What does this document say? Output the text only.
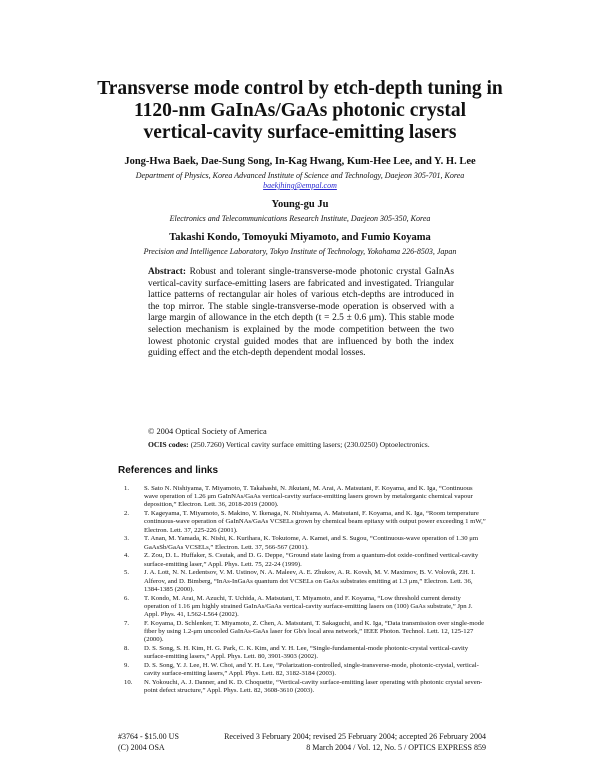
Transverse mode control by etch-depth tuning in
1120-nm GaInAs/GaAs photonic crystal
vertical-cavity surface-emitting lasers
Jong-Hwa Baek, Dae-Sung Song, In-Kag Hwang, Kum-Hee Lee, and Y. H. Lee
Department of Physics, Korea Advanced Institute of Science and Technology, Daejeon 305-701, Korea
baekjhing@empal.com
Young-gu Ju
Electronics and Telecommunications Research Institute, Daejeon 305-350, Korea
Takashi Kondo, Tomoyuki Miyamoto, and Fumio Koyama
Precision and Intelligence Laboratory, Tokyo Institute of Technology, Yokohama 226-8503, Japan
Abstract: Robust and tolerant single-transverse-mode photonic crystal GaInAs vertical-cavity surface-emitting lasers are fabricated and investigated. Triangular lattice patterns of rectangular air holes of various etch-depths are introduced in the top mirror. The stable single-transverse-mode operation is observed with a large margin of allowance in the etch depth (t = 2.5 ± 0.6 μm). This stable mode selection mechanism is explained by the mode competition between the two lowest photonic crystal guided modes that are influenced by both the index guiding effect and the etch-depth dependent modal losses.
© 2004 Optical Society of America
OCIS codes: (250.7260) Vertical cavity surface emitting lasers; (230.0250) Optoelectronics.
References and links
1.	S. Sato N. Nishiyama, T. Miyamoto, T. Takahashi, N. Jikutani, M. Arai, A. Matsutani, F. Koyama, and K. Iga, “Continuous wave operation of 1.26 μm GaInNAs/GaAs vertical-cavity surface-emitting lasers grown by metalorganic chemical vapour deposition,” Electron. Lett. 36, 2018-2019 (2000).
2.	T. Kageyama, T. Miyamoto, S. Makino, Y. Ikenaga, N. Nishiyama, A. Matsutani, F. Koyama, and K. Iga, “Room temperature continuous-wave operation of GaInNAs/GaAs VCSELs grown by chemical beam epitaxy with output power exceeding 1 mW,” Electron. Lett. 37, 225-226 (2001).
3.	T. Anan, M. Yamada, K. Nishi, K. Kurihara, K. Tokutome, A. Kamei, and S. Sugou, “Continuous-wave operation of 1.30 μm GaAsSb/GaAs VCSELs,” Electron. Lett. 37, 566-567 (2001).
4.	Z. Zou, D. L. Huffaker, S. Csutak, and D. G. Deppe, “Ground state lasing from a quantum-dot oxide-confined vertical-cavity surface-emitting laser,” Appl. Phys. Lett. 75, 22-24 (1999).
5.	J. A. Lott, N. N. Ledentsov, V. M. Ustinov, N. A. Maleev, A. E. Zhukov, A. R. Kovsh, M. V. Maximov, B. V. Volovik, ZH. I. Alferov, and D. Bimberg, “InAs-InGaAs quantum dot VCSELs on GaAs substrates emitting at 1.3 μm,” Electron. Lett. 36, 1384-1385 (2000).
6.	T. Kondo, M. Arai, M. Azuchi, T. Uchida, A. Matsutani, T. Miyamoto, and F. Koyama, “Low threshold current density operation of 1.16 μm highly strained GaInAs/GaAs vertical-cavity surface-emitting lasers on (100) GaAs substrate,” Jpn J. Appl. Phys. 41, L562-L564 (2002).
7.	F. Koyama, D. Schlenker, T. Miyamoto, Z. Chen, A. Matsutani, T. Sakaguchi, and K. Iga, “Data transmission over single-mode fiber by using 1.2-μm uncooled GaInAs-GaAs laser for Gb/s local area network,” IEEE Photon. Technol. Lett. 12, 125-127 (2000).
8.	D. S. Song, S. H. Kim, H. G. Park, C. K. Kim, and Y. H. Lee, “Single-fundamental-mode photonic-crystal vertical-cavity surface-emitting lasers,” Appl. Phys. Lett. 80, 3901-3903 (2002).
9.	D. S. Song, Y. J. Lee, H. W. Choi, and Y. H. Lee, “Polarization-controlled, single-transverse-mode, photonic-crystal, vertical-cavity surface-emitting lasers,” Appl. Phys. Lett. 82, 3182-3184 (2003).
10.	N. Yokouchi, A. J. Danner, and K. D. Choquette, “Vertical-cavity surface-emitting laser operating with photonic crystal seven-point defect structure,” Appl. Phys. Lett. 82, 3608-3610 (2003).
#3764 - $15.00 US
(C) 2004 OSA
Received 3 February 2004; revised 25 February 2004; accepted 26 February 2004
8 March 2004 / Vol. 12, No. 5 / OPTICS EXPRESS 859
